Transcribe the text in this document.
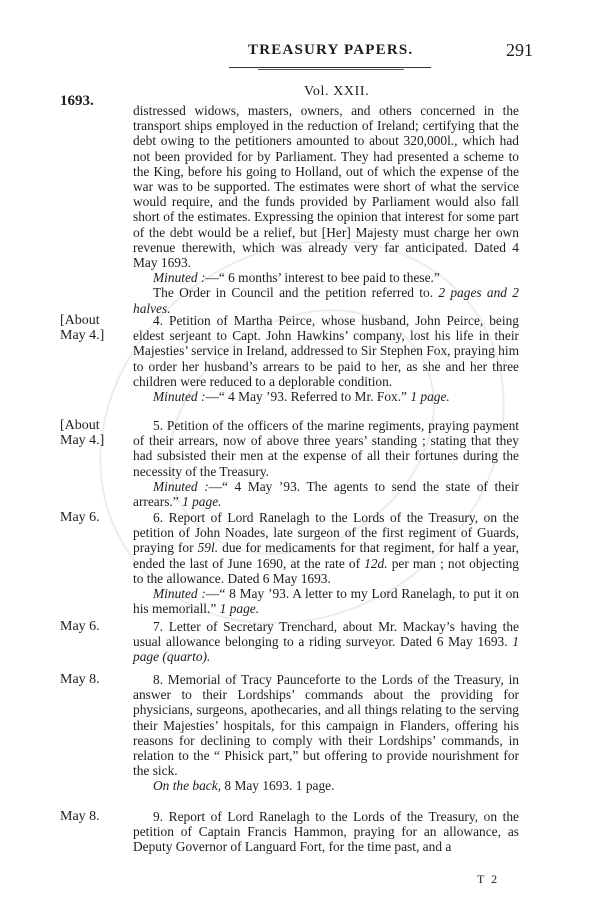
TREASURY PAPERS.	291
Vol. XXII.
1693.

distressed widows, masters, owners, and others concerned in the transport ships employed in the reduction of Ireland; certifying that the debt owing to the petitioners amounted to about 320,000l., which had not been provided for by Parliament. They had presented a scheme to the King, before his going to Holland, out of which the expense of the war was to be supported. The estimates were short of what the service would require, and the funds provided by Parliament would also fall short of the estimates. Expressing the opinion that interest for some part of the debt would be a relief, but [Her] Majesty must charge her own revenue therewith, which was already very far anticipated. Dated 4 May 1693.

Minuted :—“ 6 months’ interest to bee paid to these.”

The Order in Council and the petition referred to. 2 pages and 2 halves.

[About
May 4.]

4. Petition of Martha Peirce, whose husband, John Peirce, being eldest serjeant to Capt. John Hawkins’ company, lost his life in their Majesties’ service in Ireland, addressed to Sir Stephen Fox, praying him to order her husband’s arrears to be paid to her, as she and her three children were reduced to a deplorable condition.

Minuted :—“ 4 May ’93. Referred to Mr. Fox.” 1 page.

[About
May 4.]

5. Petition of the officers of the marine regiments, praying payment of their arrears, now of above three years’ standing ; stating that they had subsisted their men at the expense of all their fortunes during the necessity of the Treasury.

Minuted :—“ 4 May ’93. The agents to send the state of their arrears.” 1 page.

May 6.	6. Report of Lord Ranelagh to the Lords of the Treasury, on the petition of John Noades, late surgeon of the first regiment of Guards, praying for 59l. due for medicaments for that regiment, for half a year, ended the last of June 1690, at the rate of 12d. per man ; not objecting to the allowance. Dated 6 May 1693.

Minuted :—“ 8 May ’93. A letter to my Lord Ranelagh, to put it on his memoriall.” 1 page.

May 6.	7. Letter of Secretary Trenchard, about Mr. Mackay’s having the usual allowance belonging to a riding surveyor. Dated 6 May 1693. 1 page (quarto).

May 8.	8. Memorial of Tracy Paunceforte to the Lords of the Treasury, in answer to their Lordships’ commands about the providing for physicians, surgeons, apothecaries, and all things relating to the serving their Majesties’ hospitals, for this campaign in Flanders, offering his reasons for declining to comply with their Lordships’ commands, in relation to the “ Phisick part,” but offering to provide nourishment for the sick.

On the back, 8 May 1693. 1 page.

May 8.	9. Report of Lord Ranelagh to the Lords of the Treasury, on the petition of Captain Francis Hammon, praying for an allowance, as Deputy Governor of Languard Fort, for the time past, and a

T 2
